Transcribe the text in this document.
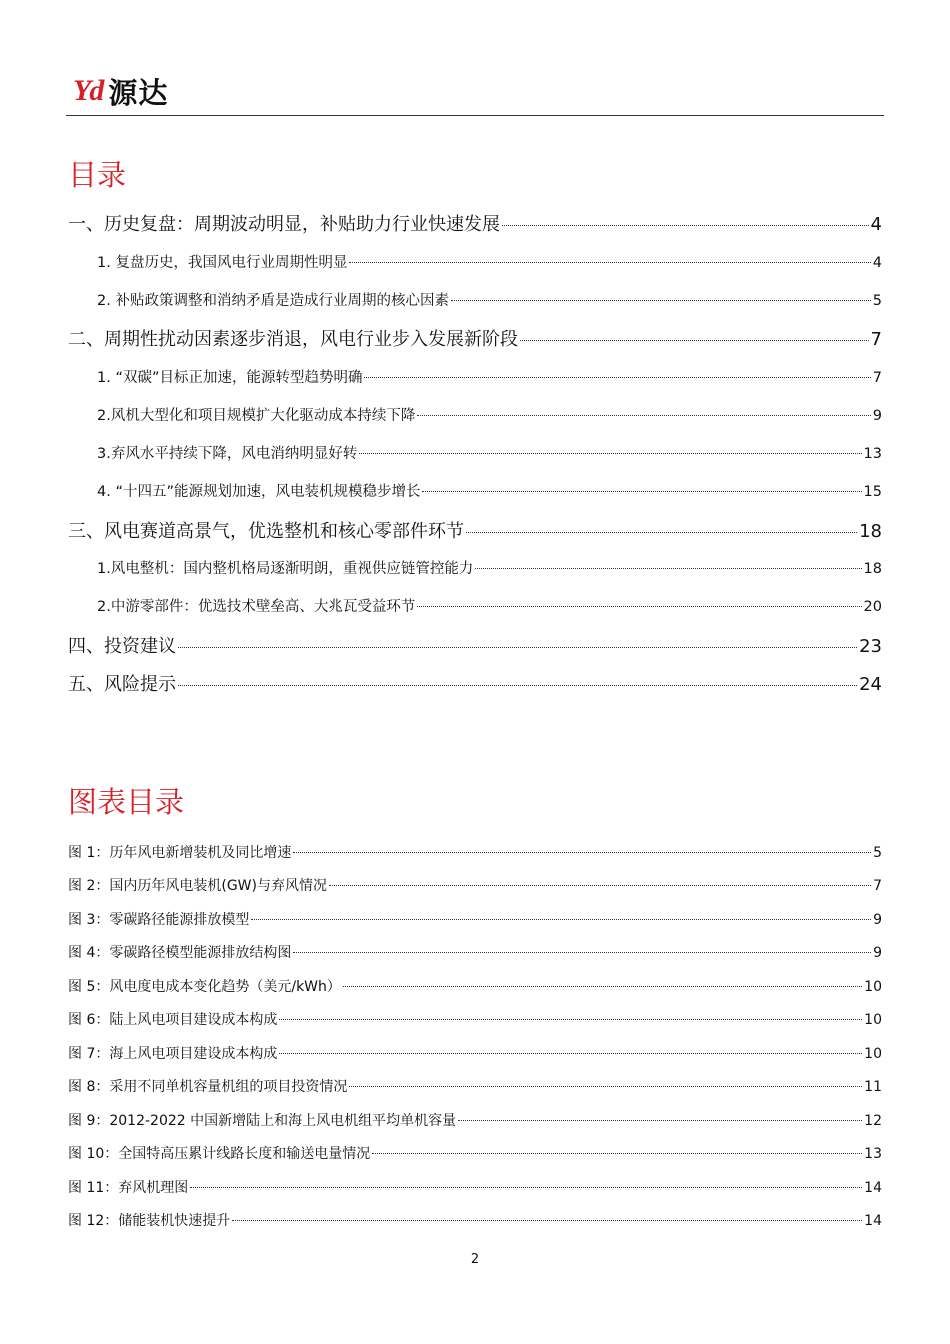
Yd 源达
目录
一、历史复盘：周期波动明显，补贴助力行业快速发展	4
1. 复盘历史，我国风电行业周期性明显	4
2. 补贴政策调整和消纳矛盾是造成行业周期的核心因素	5
二、周期性扰动因素逐步消退，风电行业步入发展新阶段	7
1. “双碳”目标正加速，能源转型趋势明确	7
2.风机大型化和项目规模扩大化驱动成本持续下降	9
3.弃风水平持续下降，风电消纳明显好转	13
4. “十四五”能源规划加速，风电装机规模稳步增长	15
三、风电赛道高景气，优选整机和核心零部件环节	18
1.风电整机：国内整机格局逐渐明朗，重视供应链管控能力	18
2.中游零部件：优选技术壁垒高、大兆瓦受益环节	20
四、投资建议	23
五、风险提示	24
图表目录
图 1：历年风电新增装机及同比增速	5
图 2：国内历年风电装机(GW)与弃风情况	7
图 3：零碳路径能源排放模型	9
图 4：零碳路径模型能源排放结构图	9
图 5：风电度电成本变化趋势（美元/kWh）	10
图 6：陆上风电项目建设成本构成	10
图 7：海上风电项目建设成本构成	10
图 8：采用不同单机容量机组的项目投资情况	11
图 9：2012-2022 中国新增陆上和海上风电机组平均单机容量	12
图 10：全国特高压累计线路长度和输送电量情况	13
图 11：弃风机理图	14
图 12：储能装机快速提升	14
2
